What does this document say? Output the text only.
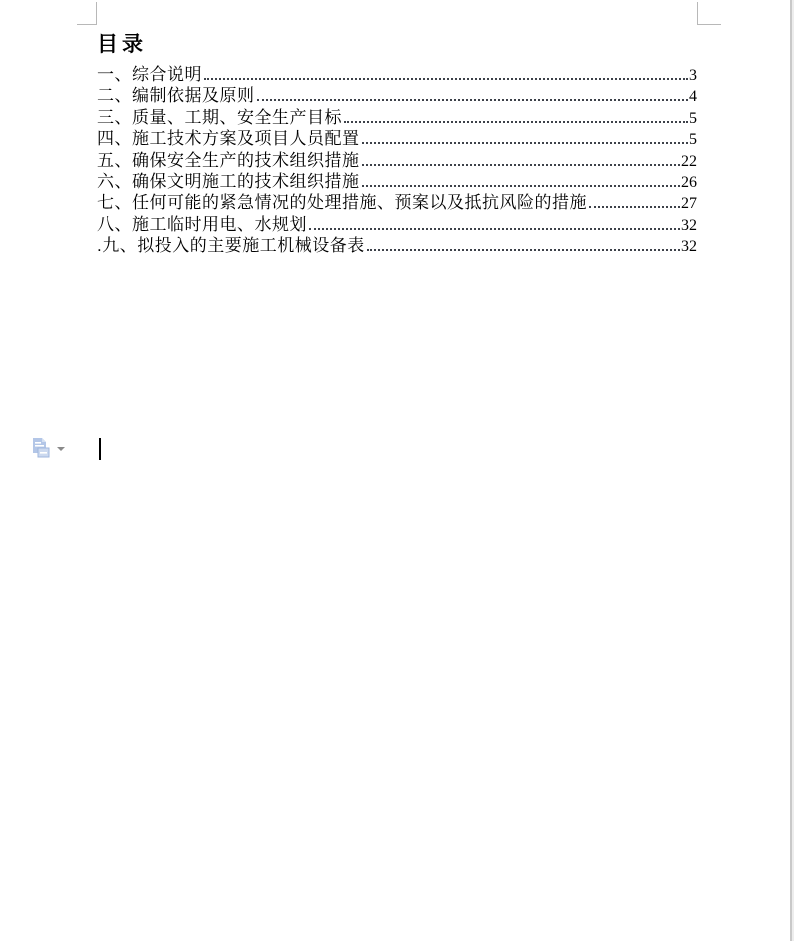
目录
一、综合说明	3
二、编制依据及原则	4
三、质量、工期、安全生产目标	5
四、施工技术方案及项目人员配置	5
五、确保安全生产的技术组织措施	22
六、确保文明施工的技术组织措施	26
七、任何可能的紧急情况的处理措施、预案以及抵抗风险的措施	27
八、施工临时用电、水规划	32
.九、拟投入的主要施工机械设备表	32
